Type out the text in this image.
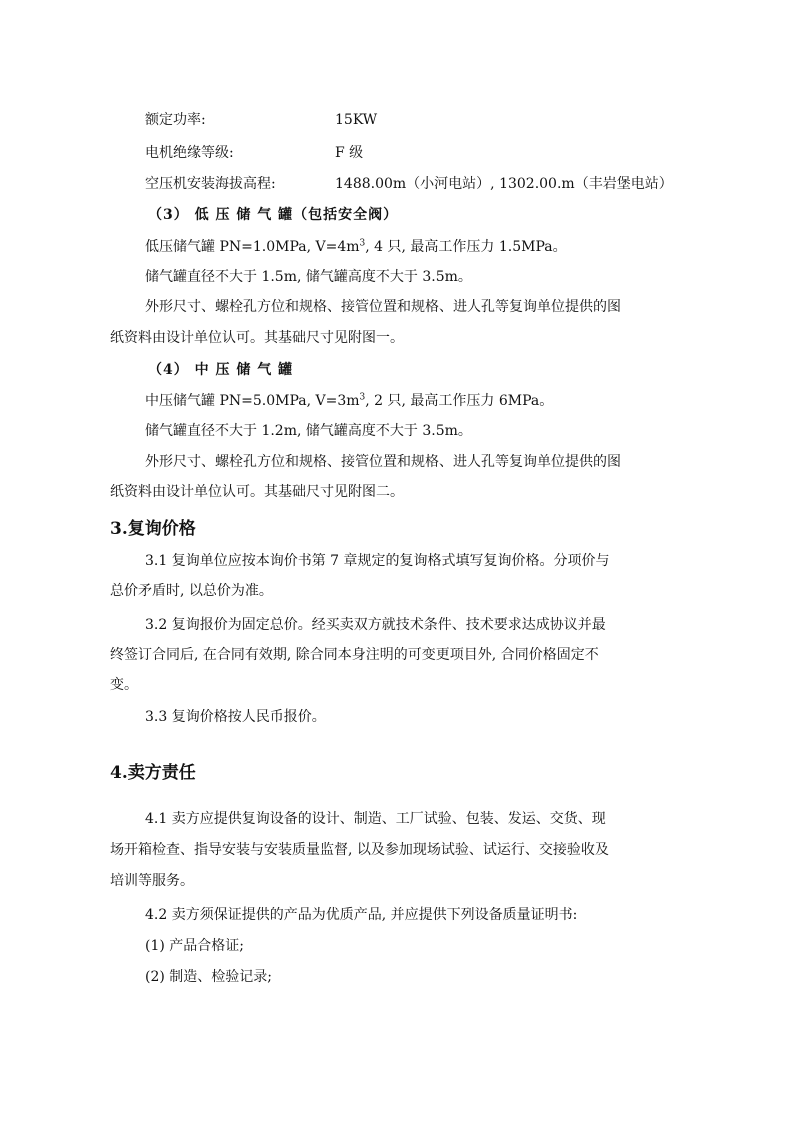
额定功率:	15KW
电机绝缘等级:	F 级
空压机安装海拔高程:	1488.00m（小河电站）, 1302.00.m（丰岩堡电站）
（3） 低 压 储 气 罐（包括安全阀）
低压储气罐 PN=1.0MPa, $V=4m^3$, 4 只, 最高工作压力 1.5MPa。
储气罐直径不大于 1.5m, 储气罐高度不大于 3.5m。
外形尺寸、螺栓孔方位和规格、接管位置和规格、进人孔等复询单位提供的图
纸资料由设计单位认可。其基础尺寸见附图一。
（4） 中 压 储 气 罐
中压储气罐 PN=5.0MPa, $V=3m^3$, 2 只, 最高工作压力 6MPa。
储气罐直径不大于 1.2m, 储气罐高度不大于 3.5m。
外形尺寸、螺栓孔方位和规格、接管位置和规格、进人孔等复询单位提供的图
纸资料由设计单位认可。其基础尺寸见附图二。
3.复询价格
3.1 复询单位应按本询价书第 7 章规定的复询格式填写复询价格。分项价与
总价矛盾时, 以总价为准。
3.2 复询报价为固定总价。经买卖双方就技术条件、技术要求达成协议并最
终签订合同后, 在合同有效期, 除合同本身注明的可变更项目外, 合同价格固定不
变。
3.3 复询价格按人民币报价。
4.卖方责任
4.1 卖方应提供复询设备的设计、制造、工厂试验、包装、发运、交货、现
场开箱检查、指导安装与安装质量监督, 以及参加现场试验、试运行、交接验收及
培训等服务。
4.2 卖方须保证提供的产品为优质产品, 并应提供下列设备质量证明书:
(1) 产品合格证;
(2) 制造、检验记录;
